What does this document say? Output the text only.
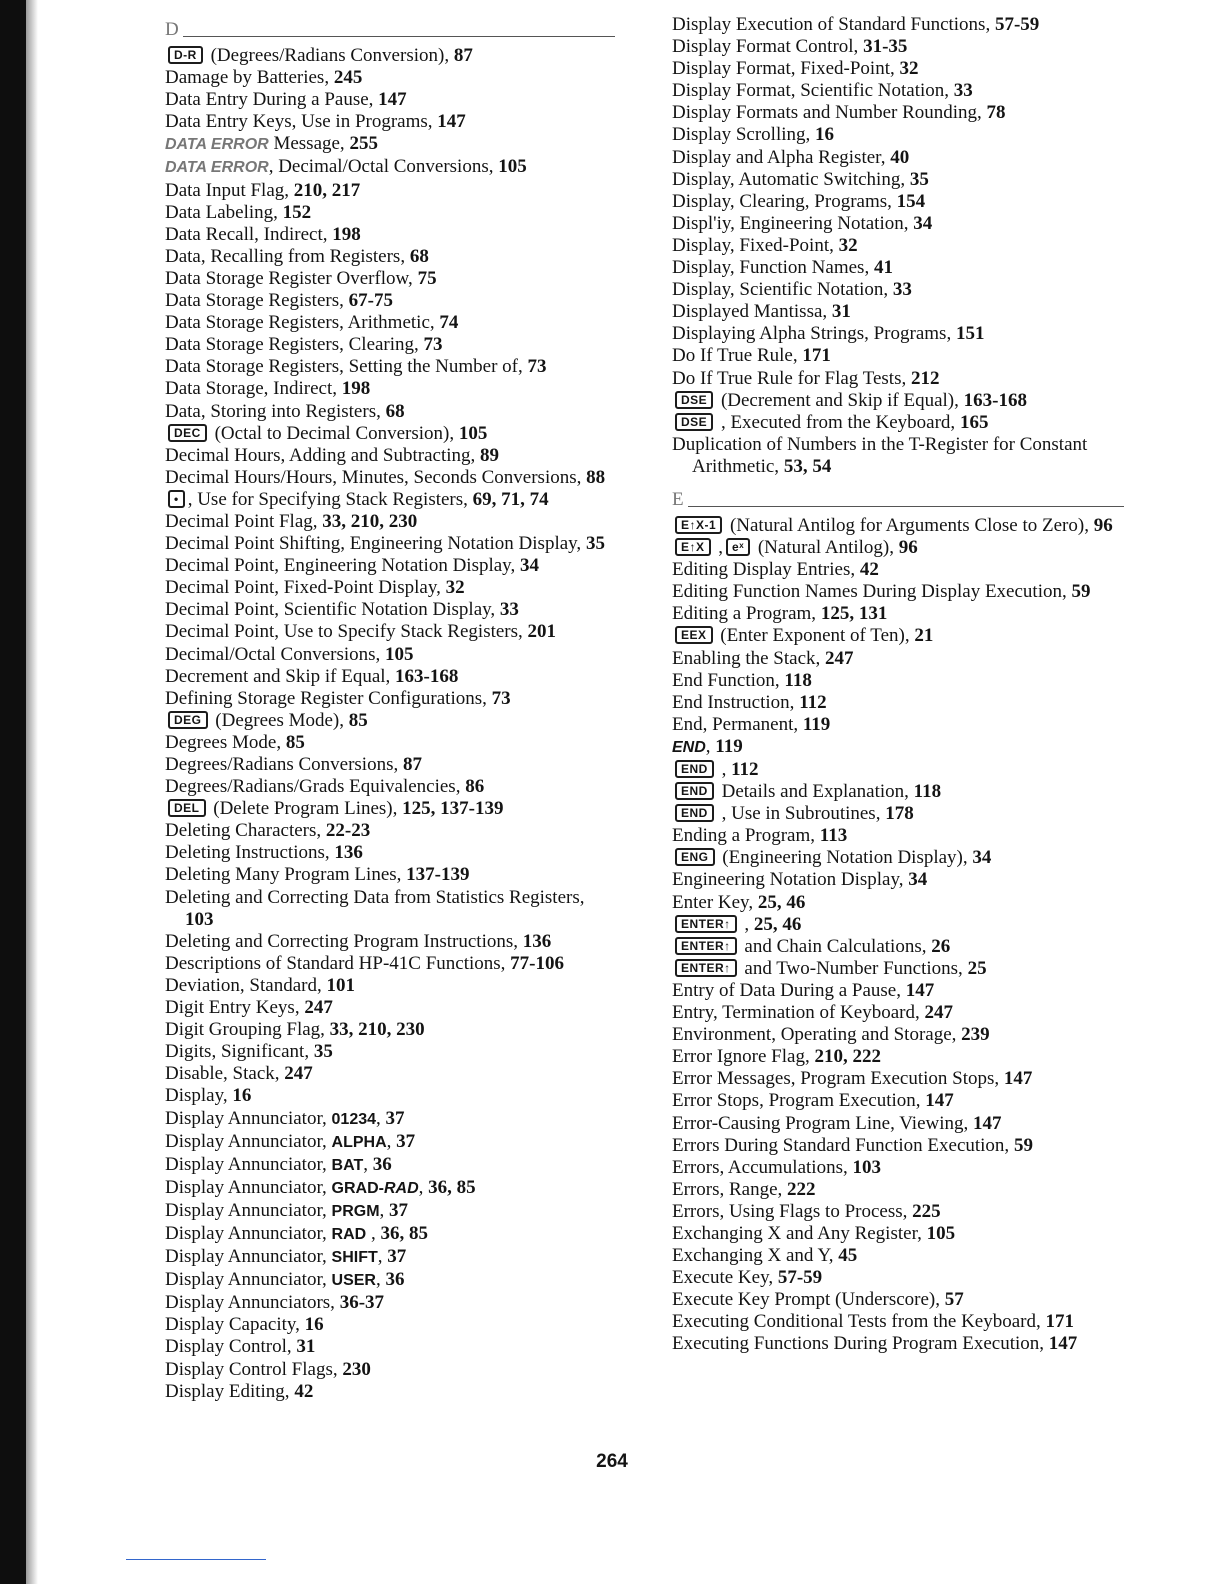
D
D-R (Degrees/Radians Conversion), 87
Damage by Batteries, 245
Data Entry During a Pause, 147
Data Entry Keys, Use in Programs, 147
DATA ERROR Message, 255
DATA ERROR, Decimal/Octal Conversions, 105
Data Input Flag, 210, 217
Data Labeling, 152
Data Recall, Indirect, 198
Data, Recalling from Registers, 68
Data Storage Register Overflow, 75
Data Storage Registers, 67-75
Data Storage Registers, Arithmetic, 74
Data Storage Registers, Clearing, 73
Data Storage Registers, Setting the Number of, 73
Data Storage, Indirect, 198
Data, Storing into Registers, 68
DEC (Octal to Decimal Conversion), 105
Decimal Hours, Adding and Subtracting, 89
Decimal Hours/Hours, Minutes, Seconds Conversions, 88
• , Use for Specifying Stack Registers, 69, 71, 74
Decimal Point Flag, 33, 210, 230
Decimal Point Shifting, Engineering Notation Display, 35
Decimal Point, Engineering Notation Display, 34
Decimal Point, Fixed-Point Display, 32
Decimal Point, Scientific Notation Display, 33
Decimal Point, Use to Specify Stack Registers, 201
Decimal/Octal Conversions, 105
Decrement and Skip if Equal, 163-168
Defining Storage Register Configurations, 73
DEG (Degrees Mode), 85
Degrees Mode, 85
Degrees/Radians Conversions, 87
Degrees/Radians/Grads Equivalencies, 86
DEL (Delete Program Lines), 125, 137-139
Deleting Characters, 22-23
Deleting Instructions, 136
Deleting Many Program Lines, 137-139
Deleting and Correcting Data from Statistics Registers, 103
Deleting and Correcting Program Instructions, 136
Descriptions of Standard HP-41C Functions, 77-106
Deviation, Standard, 101
Digit Entry Keys, 247
Digit Grouping Flag, 33, 210, 230
Digits, Significant, 35
Disable, Stack, 247
Display, 16
Display Annunciator, 01234, 37
Display Annunciator, ALPHA, 37
Display Annunciator, BAT, 36
Display Annunciator, GRAD-RAD, 36, 85
Display Annunciator, PRGM, 37
Display Annunciator, RAD , 36, 85
Display Annunciator, SHIFT, 37
Display Annunciator, USER, 36
Display Annunciators, 36-37
Display Capacity, 16
Display Control, 31
Display Control Flags, 230
Display Editing, 42
Display Execution of Standard Functions, 57-59
Display Format Control, 31-35
Display Format, Fixed-Point, 32
Display Format, Scientific Notation, 33
Display Formats and Number Rounding, 78
Display Scrolling, 16
Display and Alpha Register, 40
Display, Automatic Switching, 35
Display, Clearing, Programs, 154
Displ'iy, Engineering Notation, 34
Display, Fixed-Point, 32
Display, Function Names, 41
Display, Scientific Notation, 33
Displayed Mantissa, 31
Displaying Alpha Strings, Programs, 151
Do If True Rule, 171
Do If True Rule for Flag Tests, 212
DSE (Decrement and Skip if Equal), 163-168
DSE , Executed from the Keyboard, 165
Duplication of Numbers in the T-Register for Constant Arithmetic, 53, 54
E
E↑X-1 (Natural Antilog for Arguments Close to Zero), 96
E↑X , eˣ (Natural Antilog), 96
Editing Display Entries, 42
Editing Function Names During Display Execution, 59
Editing a Program, 125, 131
EEX (Enter Exponent of Ten), 21
Enabling the Stack, 247
End Function, 118
End Instruction, 112
End, Permanent, 119
END, 119
END , 112
END Details and Explanation, 118
END , Use in Subroutines, 178
Ending a Program, 113
ENG (Engineering Notation Display), 34
Engineering Notation Display, 34
Enter Key, 25, 46
ENTER↑ , 25, 46
ENTER↑ and Chain Calculations, 26
ENTER↑ and Two-Number Functions, 25
Entry of Data During a Pause, 147
Entry, Termination of Keyboard, 247
Environment, Operating and Storage, 239
Error Ignore Flag, 210, 222
Error Messages, Program Execution Stops, 147
Error Stops, Program Execution, 147
Error-Causing Program Line, Viewing, 147
Errors During Standard Function Execution, 59
Errors, Accumulations, 103
Errors, Range, 222
Errors, Using Flags to Process, 225
Exchanging X and Any Register, 105
Exchanging X and Y, 45
Execute Key, 57-59
Execute Key Prompt (Underscore), 57
Executing Conditional Tests from the Keyboard, 171
Executing Functions During Program Execution, 147
264
